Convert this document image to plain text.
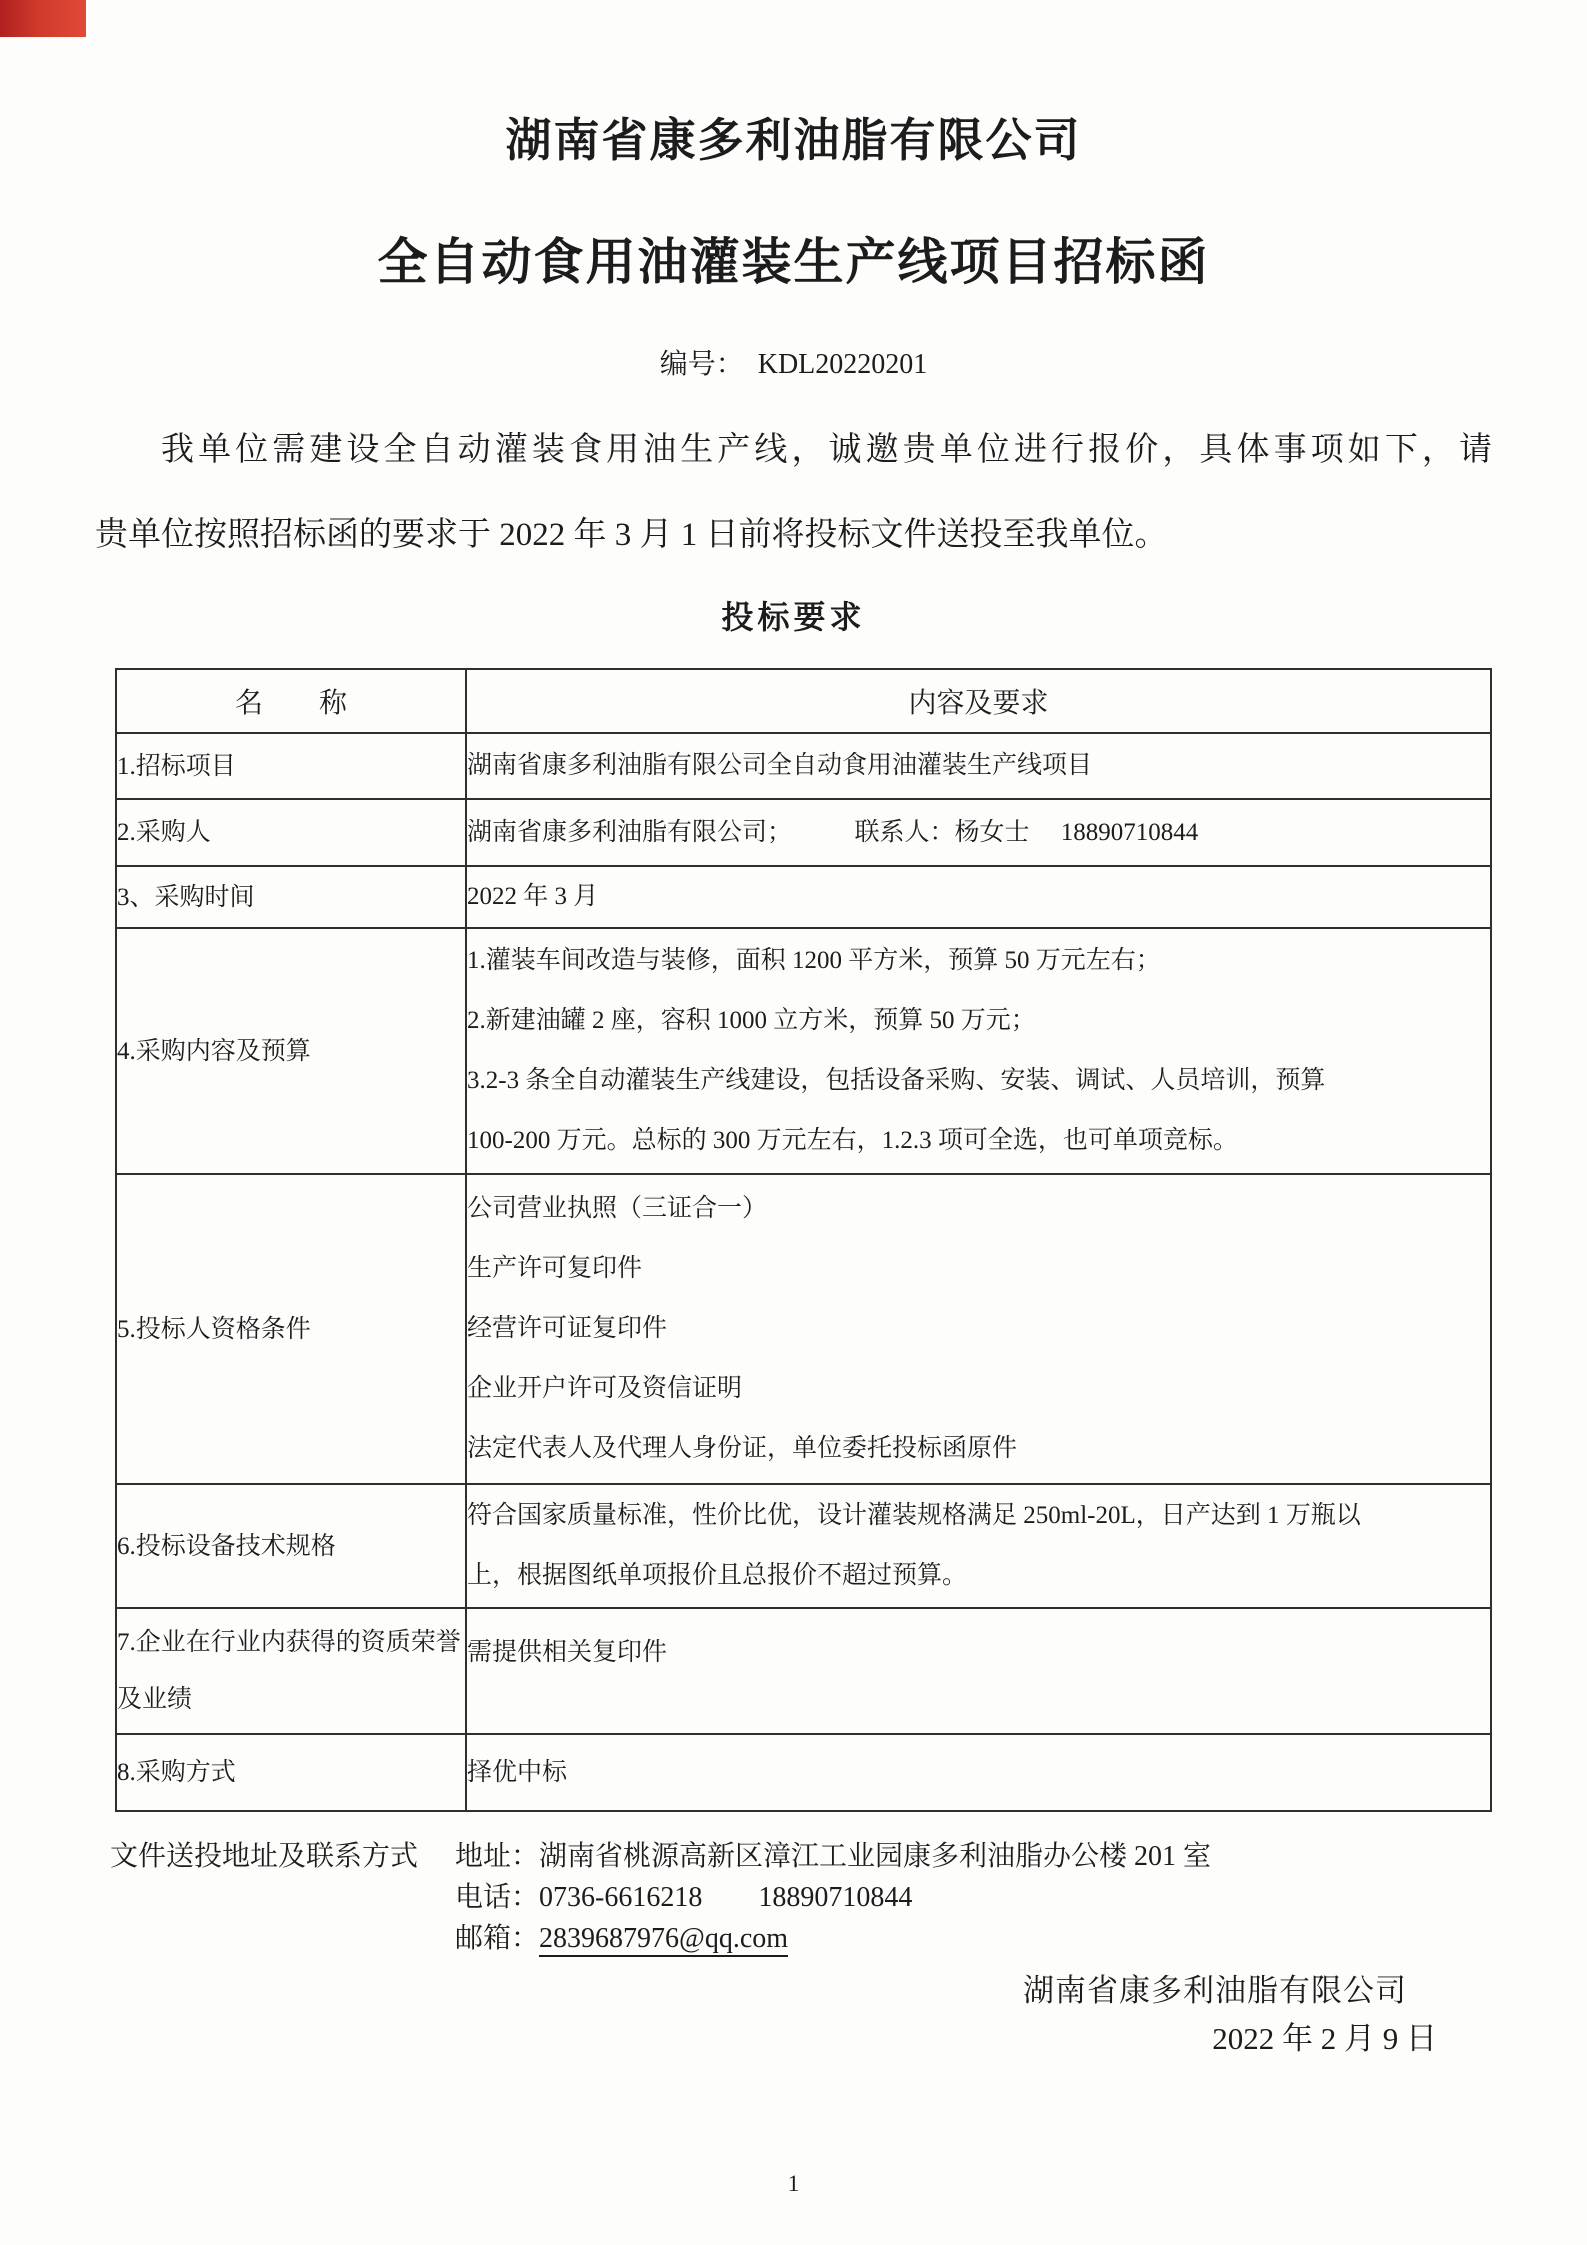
湖南省康多利油脂有限公司
全自动食用油灌装生产线项目招标函
编号：  KDL20220201
我单位需建设全自动灌装食用油生产线，诚邀贵单位进行报价，具体事项如下，请
贵单位按照招标函的要求于 2022 年 3 月 1 日前将投标文件送投至我单位。
投标要求
名　　称	内容及要求
1.招标项目	湖南省康多利油脂有限公司全自动食用油灌装生产线项目

2.采购人	湖南省康多利油脂有限公司；　　　联系人：杨女士　 18890710844

3、采购时间	2022 年 3 月

4.采购内容及预算	1.灌装车间改造与装修，面积 1200 平方米，预算 50 万元左右；
2.新建油罐 2 座，容积 1000 立方米，预算 50 万元；
3.2-3 条全自动灌装生产线建设，包括设备采购、安装、调试、人员培训，预算
100-200 万元。总标的 300 万元左右，1.2.3 项可全选，也可单项竞标。

5.投标人资格条件	公司营业执照（三证合一）
生产许可复印件
经营许可证复印件
企业开户许可及资信证明
法定代表人及代理人身份证，单位委托投标函原件

6.投标设备技术规格	符合国家质量标准，性价比优，设计灌装规格满足 250ml-20L，日产达到 1 万瓶以
上，根据图纸单项报价且总报价不超过预算。

7.企业在行业内获得的资质荣誉及业绩	需提供相关复印件

8.采购方式	择优中标
文件送投地址及联系方式 地址：湖南省桃源高新区漳江工业园康多利油脂办公楼 201 室
电话：0736-6616218　　18890710844
邮箱：2839687976@qq.com
湖南省康多利油脂有限公司
2022 年 2 月 9 日
1
